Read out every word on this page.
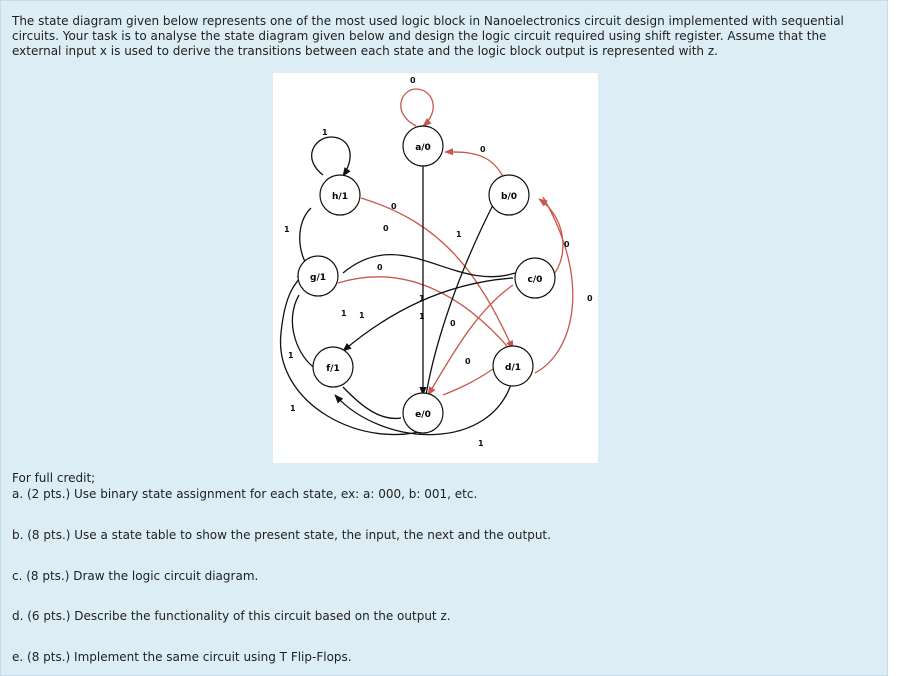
The state diagram given below represents one of the most used logic block in Nanoelectronics circuit design implemented with sequential circuits. Your task is to analyse the state diagram given below and design the logic circuit required using shift register. Assume that the external input x is used to derive the transitions between each state and the logic block output is represented with z.

a/0
b/0
c/0
d/1
e/0
f/1
g/1
h/1
0
1
0
1
0
1
0
0
0
0
1
1	1
0
1
0
1
1
1

For full credit;

a. (2 pts.) Use binary state assignment for each state, ex: a: 000, b: 001, etc.

b. (8 pts.) Use a state table to show the present state, the input, the next and the output.

c. (8 pts.) Draw the logic circuit diagram.

d. (6 pts.) Describe the functionality of this circuit based on the output z.

e. (8 pts.) Implement the same circuit using T Flip-Flops.
